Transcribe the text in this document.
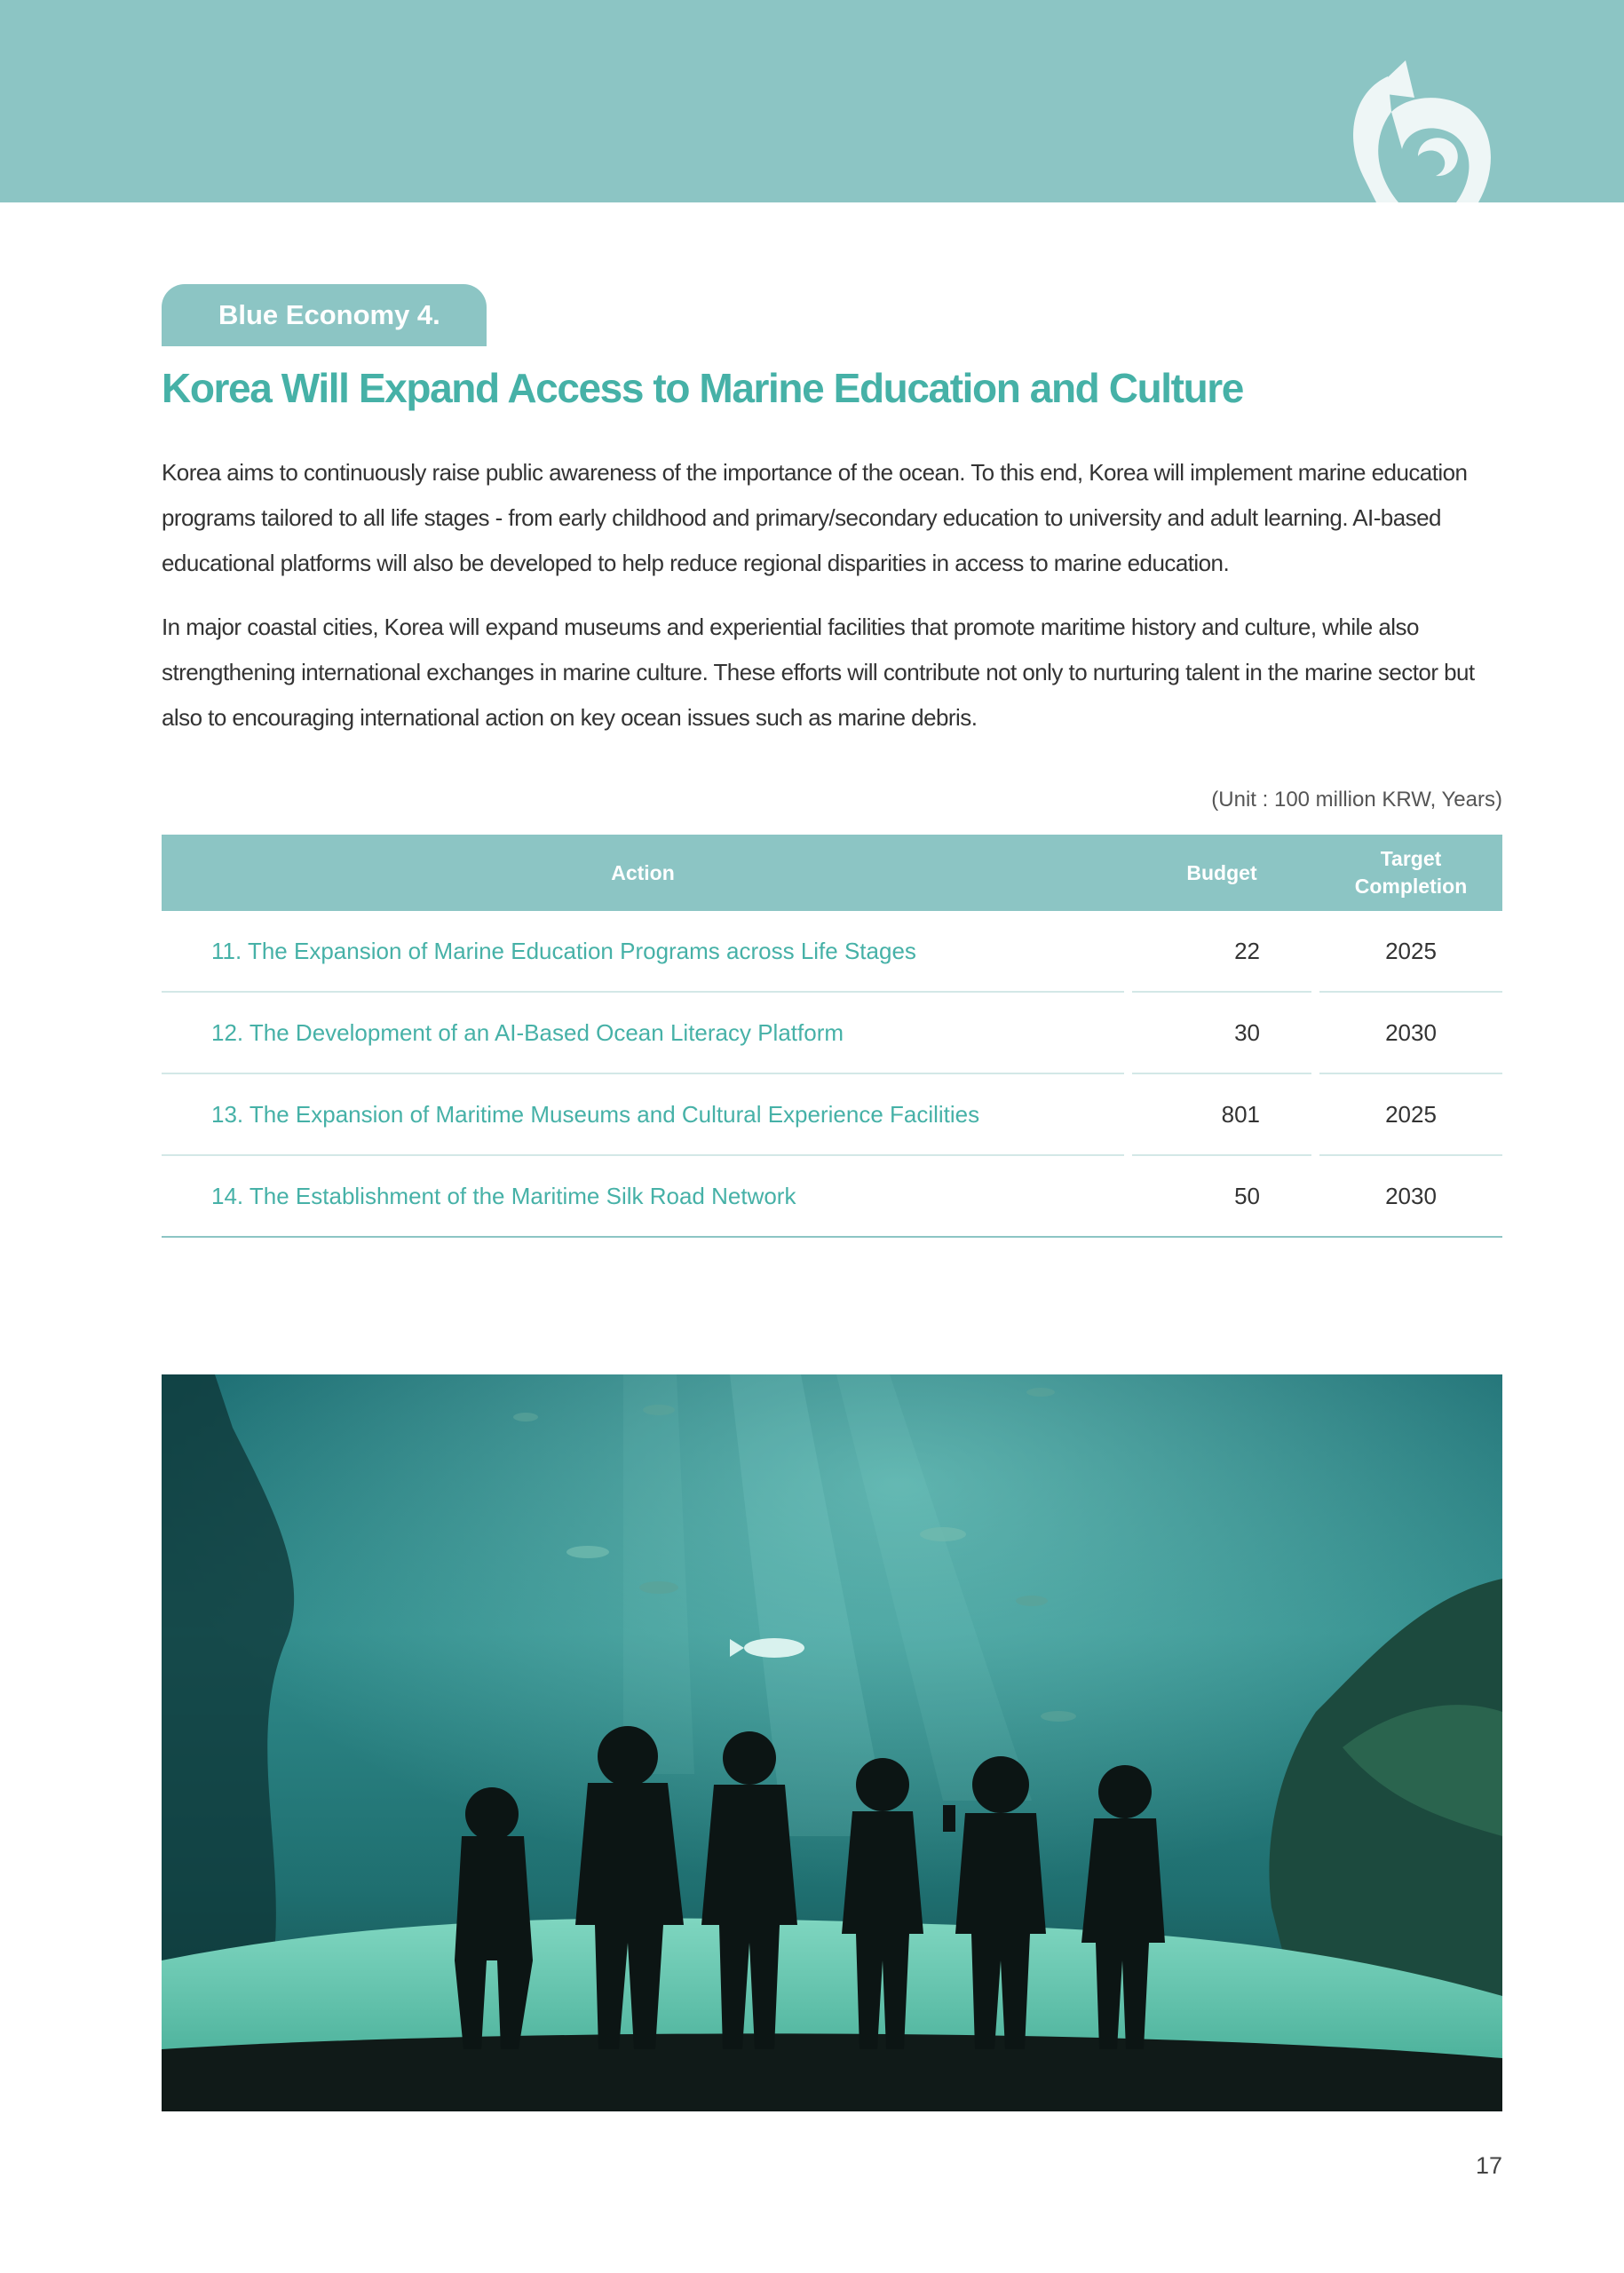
Blue Economy 4.
Korea Will Expand Access to Marine Education and Culture

Korea aims to continuously raise public awareness of the importance of the ocean. To this end, Korea will implement marine education programs tailored to all life stages - from early childhood and primary/secondary education to university and adult learning. AI-based educational platforms will also be developed to help reduce regional disparities in access to marine education.

In major coastal cities, Korea will expand museums and experiential facilities that promote maritime history and culture, while also strengthening international exchanges in marine culture. These efforts will contribute not only to nurturing talent in the marine sector but also to encouraging international action on key ocean issues such as marine debris.

(Unit : 100 million KRW, Years)
Action		Budget		Target
Completion
11. The Expansion of Marine Education Programs across Life Stages		22		2025
12. The Development of an AI-Based Ocean Literacy Platform		30		2030
13. The Expansion of Maritime Museums and Cultural Experience Facilities		801		2025
14. The Establishment of the Maritime Silk Road Network		50		2030
17
